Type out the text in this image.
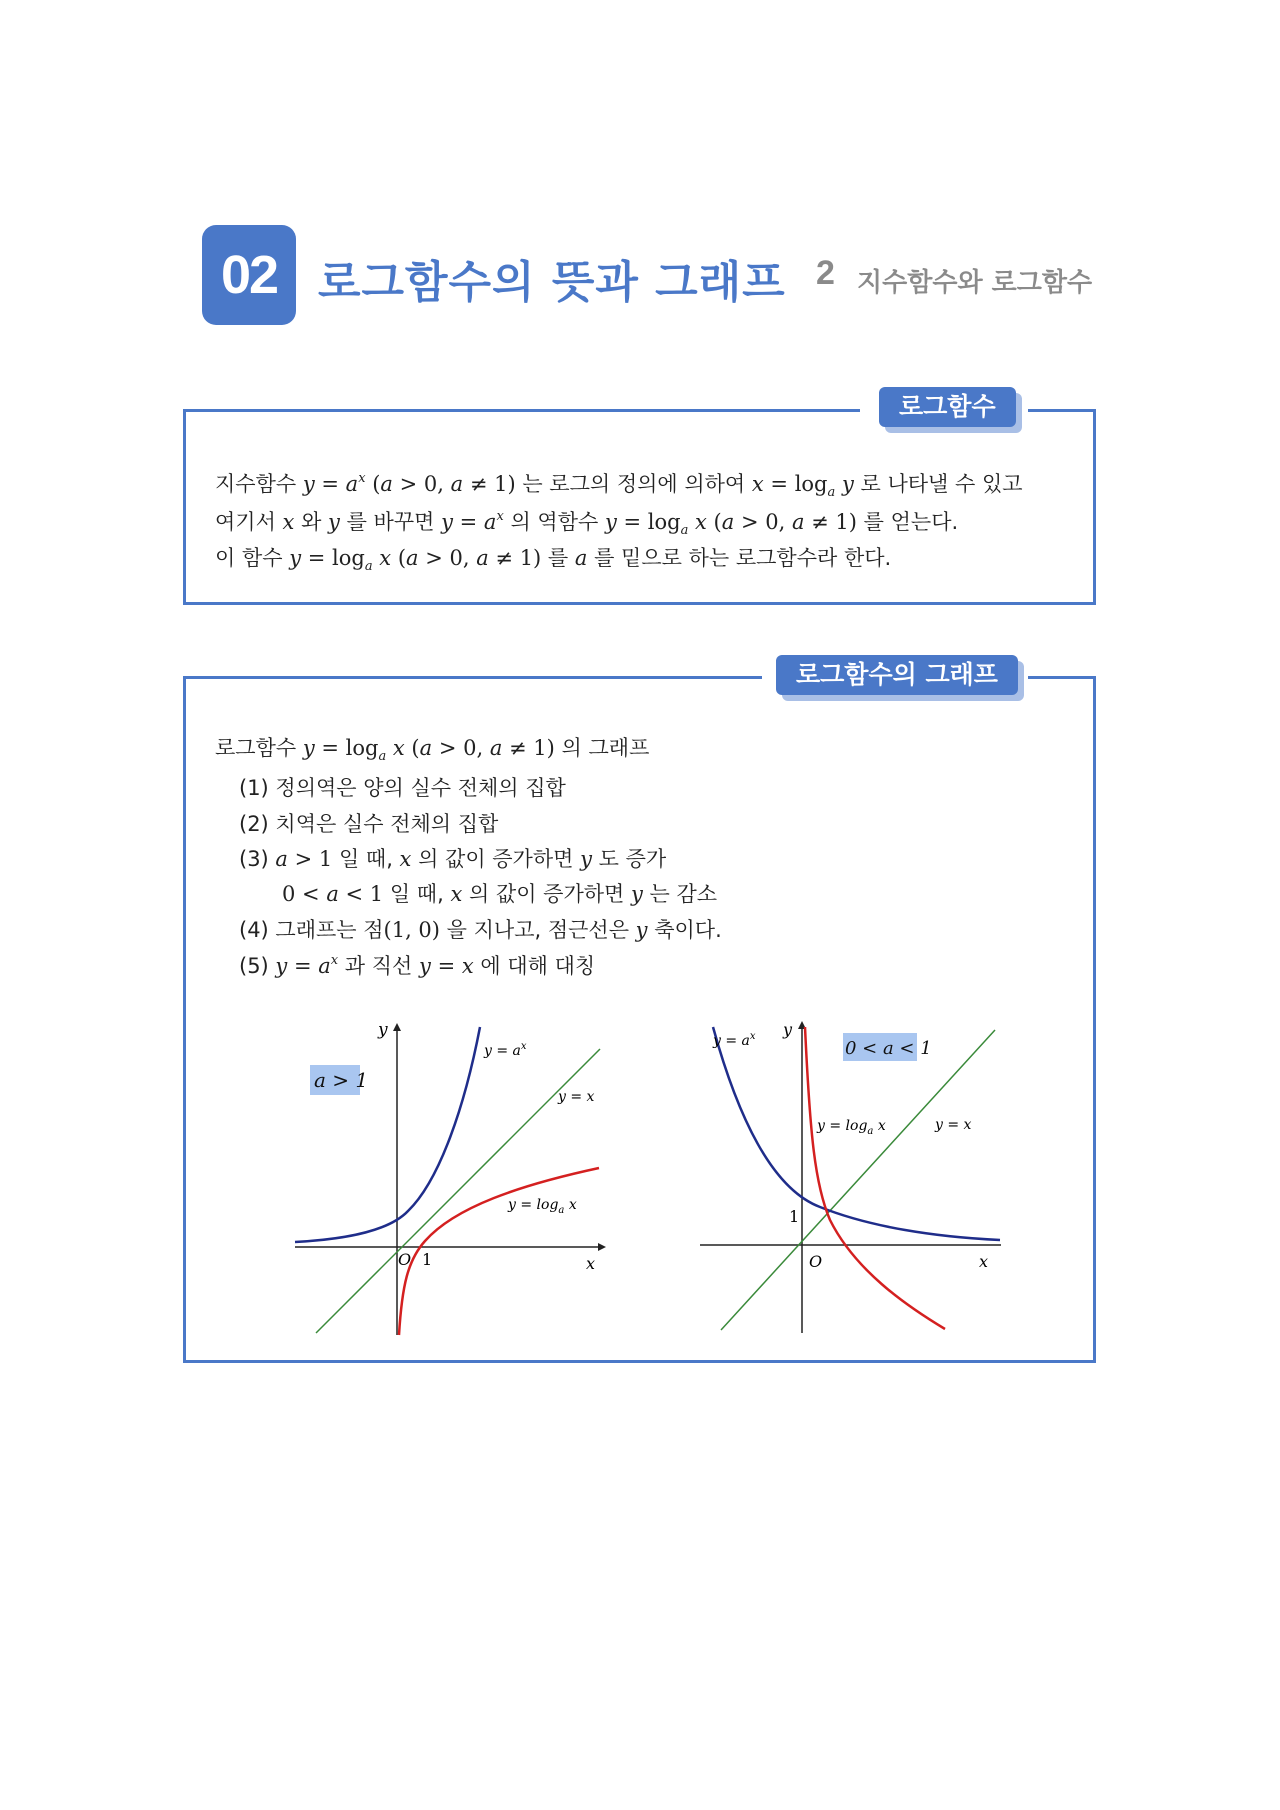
02 로그함수의 뜻과 그래프 2 지수함수와 로그함수
로그함수
지수함수 $y = a^x$ (a > 0, a ≠ 1) 는 로그의 정의에 의하여 $x = \log_a y$ 로 나타낼 수 있고
여기서 x 와 y 를 바꾸면 $y = a^x$ 의 역함수 $y = \log_a x$ (a > 0, a ≠ 1) 를 얻는다.
이 함수 $y = \log_a x$ (a > 0, a ≠ 1) 를 a 를 밑으로 하는 로그함수라 한다.
로그함수의 그래프
로그함수 $y = \log_a x$ (a > 0, a ≠ 1) 의 그래프
(1) 정의역은 양의 실수 전체의 집합
(2) 치역은 실수 전체의 집합
(3) a > 1 일 때, x 의 값이 증가하면 y 도 증가
0 < a < 1 일 때, x 의 값이 증가하면 y 는 감소
(4) 그래프는 점(1, 0) 을 지나고, 점근선은 y 축이다.
(5) $y = a^x$ 과 직선 y = x 에 대해 대칭
a > 1
y
x
O 1
$y = a^x$
y = x
$y = \log_a x$
0 < a < 1
y
x
O
1
$y = a^x$
y = x
$y = \log_a x$
